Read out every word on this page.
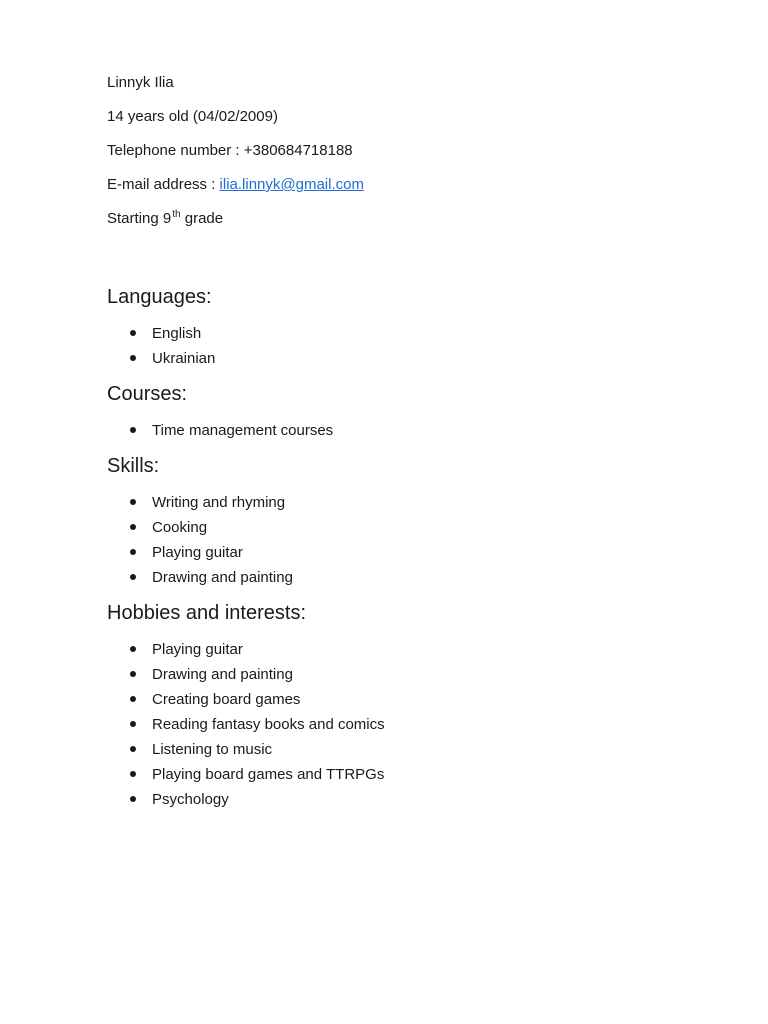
Linnyk Ilia
14 years old (04/02/2009)
Telephone number : +380684718188
E-mail address : ilia.linnyk@gmail.com
Starting 9th grade
Languages:
English
Ukrainian
Courses:
Time management courses
Skills:
Writing and rhyming
Cooking
Playing guitar
Drawing and painting
Hobbies and interests:
Playing guitar
Drawing and painting
Creating board games
Reading fantasy books and comics
Listening to music
Playing board games and TTRPGs
Psychology
